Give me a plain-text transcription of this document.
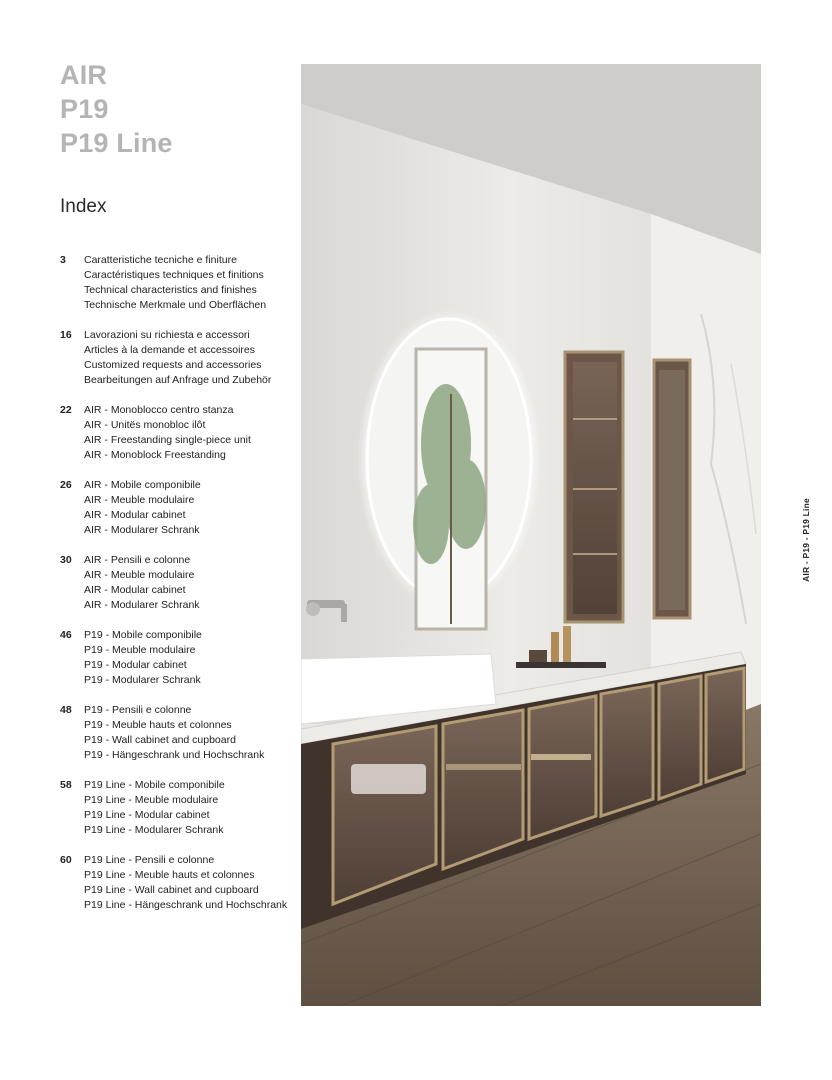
AIR
P19
P19 Line
Index
3	Caratteristiche tecniche e finiture
Caractéristiques techniques et finitions
Technical characteristics and finishes
Technische Merkmale und Oberflächen
16	Lavorazioni su richiesta e accessori
Articles à la demande et accessoires
Customized requests and accessories
Bearbeitungen auf Anfrage und Zubehör
22	AIR - Monoblocco centro stanza
AIR - Unitës monobloc ilôt
AIR - Freestanding single-piece unit
AIR - Monoblock Freestanding
26	AIR - Mobile componibile
AIR - Meuble modulaire
AIR - Modular cabinet
AIR - Modularer Schrank
30	AIR - Pensili e colonne
AIR - Meuble modulaire
AIR - Modular cabinet
AIR - Modularer Schrank
46	P19 - Mobile componibile
P19 - Meuble modulaire
P19 - Modular cabinet
P19 - Modularer Schrank
48	P19 - Pensili e colonne
P19 - Meuble hauts et colonnes
P19 - Wall cabinet and cupboard
P19 - Hängeschrank und Hochschrank
58	P19 Line - Mobile componibile
P19 Line - Meuble modulaire
P19 Line - Modular cabinet
P19 Line - Modularer Schrank
60	P19 Line - Pensili e colonne
P19 Line - Meuble hauts et colonnes
P19 Line - Wall cabinet and cupboard
P19 Line - Hängeschrank und Hochschrank
AIR - P19 - P19 Line
